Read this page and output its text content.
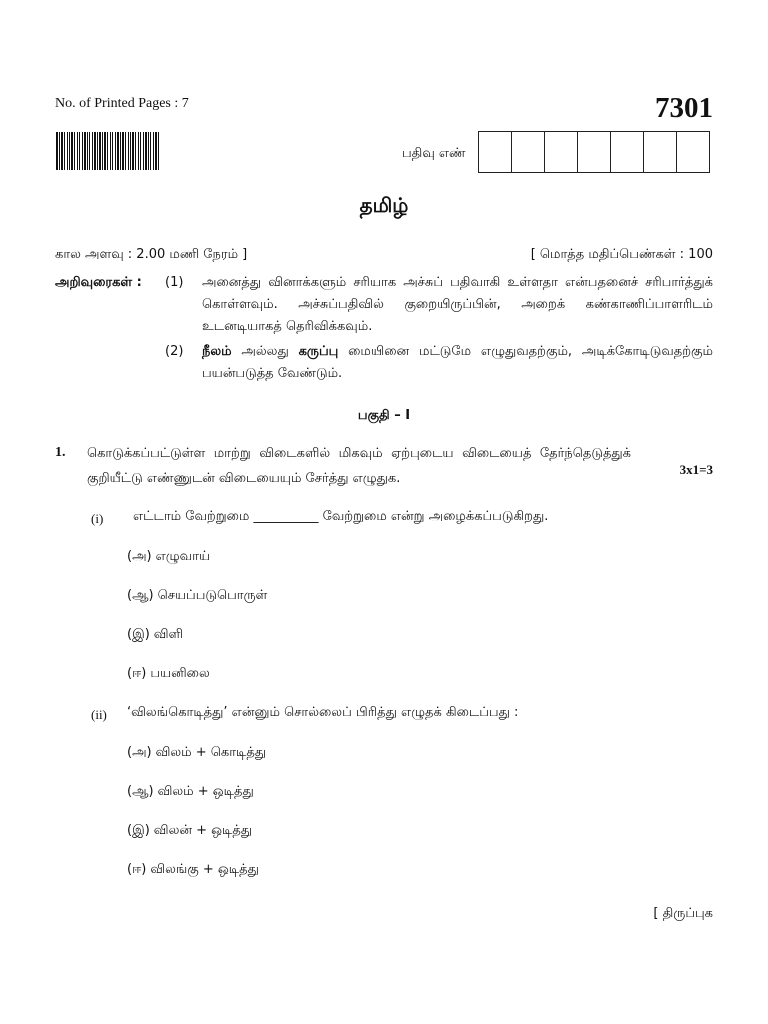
No. of Printed Pages : 7	7301
பதிவு எண்
தமிழ்
கால அளவு : 2.00 மணி நேரம் ]	[ மொத்த மதிப்பெண்கள் : 100
அறிவுரைகள் : (1) அனைத்து வினாக்களும் சரியாக அச்சுப் பதிவாகி உள்ளதா என்பதனைச் சரிபார்த்துக் கொள்ளவும். அச்சுப்பதிவில் குறையிருப்பின், அறைக் கண்காணிப்பாளரிடம் உடனடியாகத் தெரிவிக்கவும்.
(2) நீலம் அல்லது கருப்பு மையினை மட்டுமே எழுதுவதற்கும், அடிக்கோடிடுவதற்கும் பயன்படுத்த வேண்டும்.
பகுதி – I
1. கொடுக்கப்பட்டுள்ள மாற்று விடைகளில் மிகவும் ஏற்புடைய விடையைத் தேர்ந்தெடுத்துக் குறியீட்டு எண்ணுடன் விடையையும் சேர்த்து எழுதுக.
3x1=3
(i) எட்டாம் வேற்றுமை __________ வேற்றுமை என்று அழைக்கப்படுகிறது.
(அ) எழுவாய்
(ஆ) செயப்படுபொருள்
(இ) விளி
(ஈ) பயனிலை
(ii) ‘விலங்கொடித்து’ என்னும் சொல்லைப் பிரித்து எழுதக் கிடைப்பது :
(அ) விலம் + கொடித்து
(ஆ) விலம் + ஒடித்து
(இ) விலன் + ஒடித்து
(ஈ) விலங்கு + ஒடித்து
[ திருப்புக
